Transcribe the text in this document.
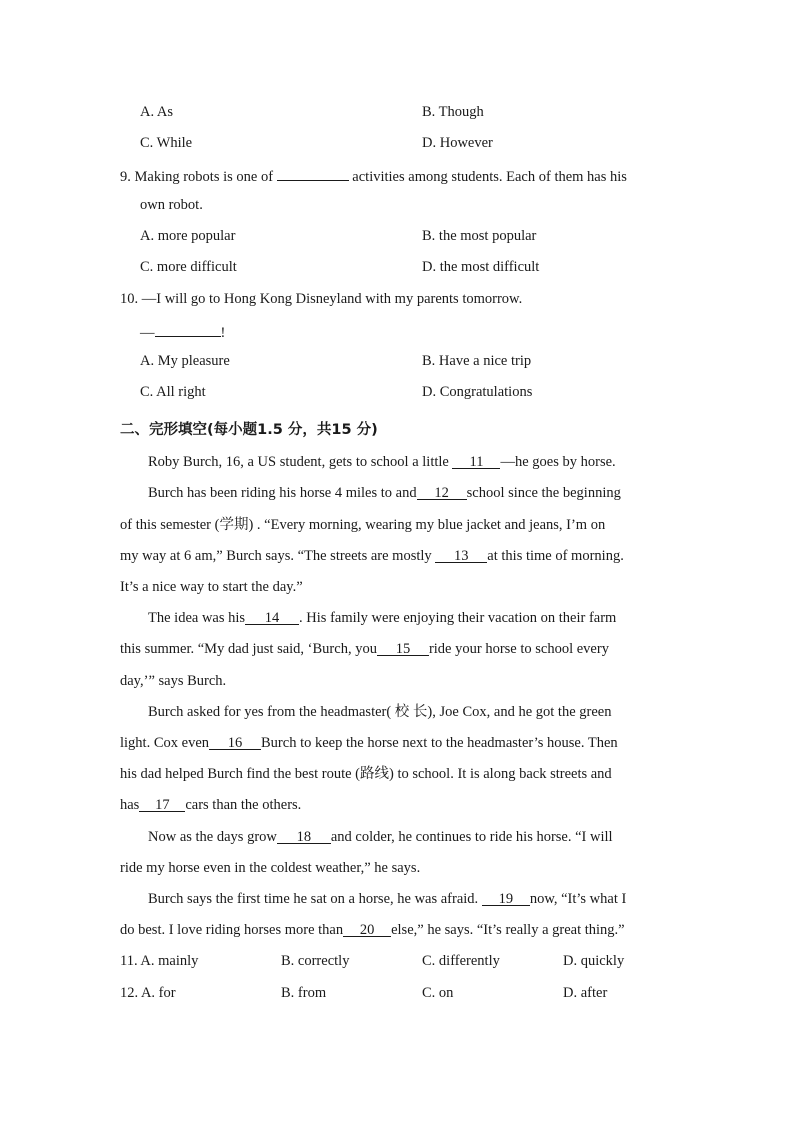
A. As	B. Though
C. While	D. However
9. Making robots is one of	activities among students. Each of them has his
own robot.
A. more popular	B. the most popular
C. more difficult	D. the most difficult
10. —I will go to Hong Kong Disneyland with my parents tomorrow.
—	!
A. My pleasure	B. Have a nice trip
C. All right	D. Congratulations
二、完形填空(每小题1.5 分，共15 分)
Roby Burch, 16, a US student, gets to school a little 11 —he goes by horse.
Burch has been riding his horse 4 miles to and 12 school since the beginning
of this semester (学期) . “Every morning, wearing my blue jacket and jeans, I’m on
my way at 6 am,” Burch says. “The streets are mostly 13 at this time of morning.
It’s a nice way to start the day.”
The idea was his 14 . His family were enjoying their vacation on their farm
this summer. “My dad just said, ‘Burch, you 15 ride your horse to school every
day,’” says Burch.
Burch asked for yes from the headmaster( 校 长), Joe Cox, and he got the green
light. Cox even 16 Burch to keep the horse next to the headmaster’s house. Then
his dad helped Burch find the best route (路线) to school. It is along back streets and
has 17 cars than the others.
Now as the days grow 18 and colder, he continues to ride his horse. “I will
ride my horse even in the coldest weather,” he says.
Burch says the first time he sat on a horse, he was afraid. 19 now, “It’s what I
do best. I love riding horses more than 20 else,” he says. “It’s really a great thing.”
11. A. mainly	B. correctly	C. differently	D. quickly
12. A. for	B. from	C. on	D. after
